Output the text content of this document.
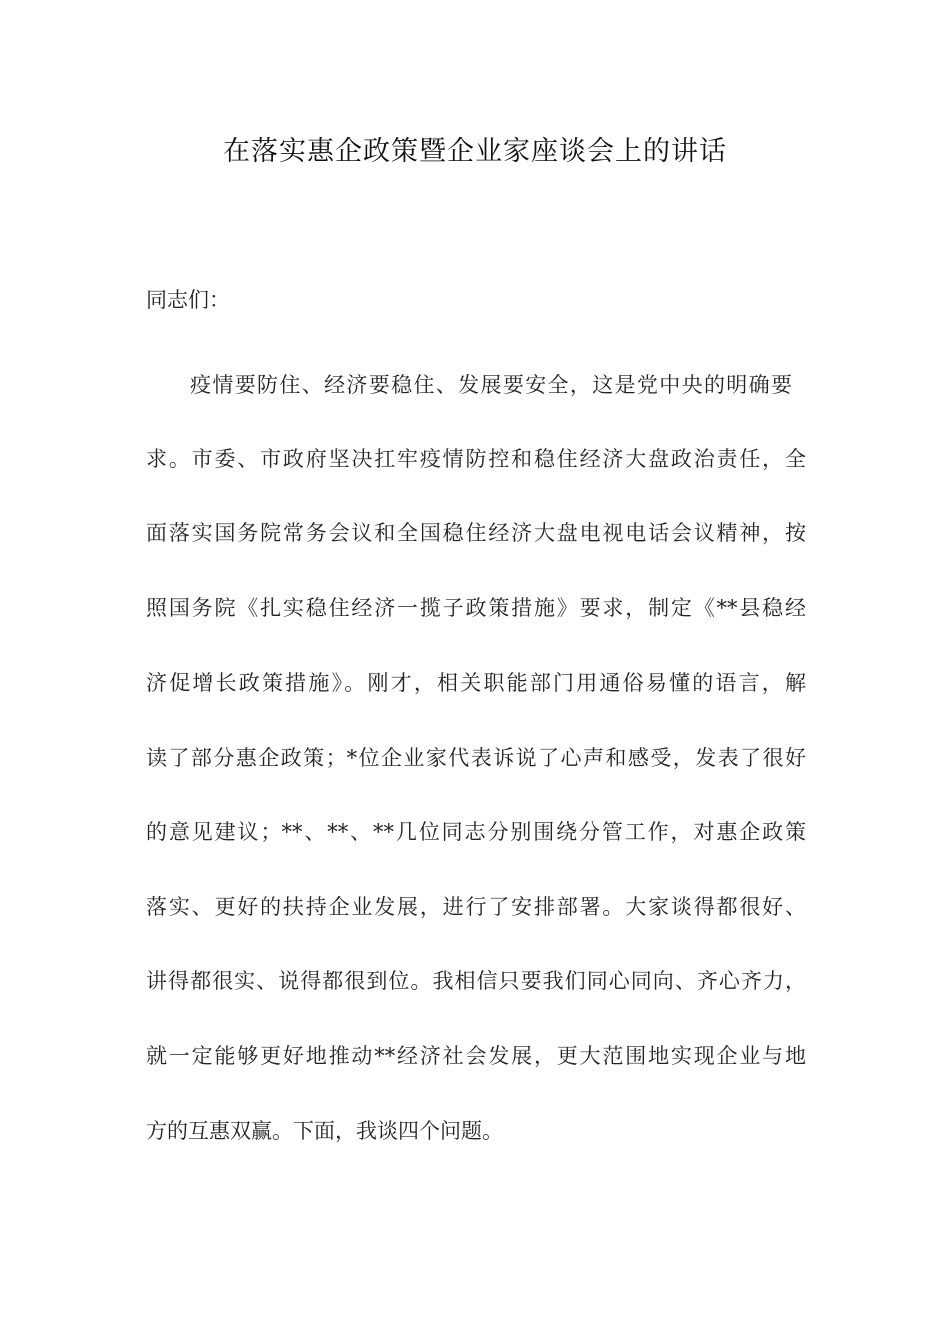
在落实惠企政策暨企业家座谈会上的讲话
同志们：
疫情要防住、经济要稳住、发展要安全，这是党中央的明确要
求。市委、市政府坚决扛牢疫情防控和稳住经济大盘政治责任，全
面落实国务院常务会议和全国稳住经济大盘电视电话会议精神，按
照国务院《扎实稳住经济一揽子政策措施》要求，制定《**县稳经
济促增长政策措施》。刚才，相关职能部门用通俗易懂的语言，解
读了部分惠企政策；*位企业家代表诉说了心声和感受，发表了很好
的意见建议；**、**、**几位同志分别围绕分管工作，对惠企政策
落实、更好的扶持企业发展，进行了安排部署。大家谈得都很好、
讲得都很实、说得都很到位。我相信只要我们同心同向、齐心齐力，
就一定能够更好地推动**经济社会发展，更大范围地实现企业与地
方的互惠双赢。下面，我谈四个问题。
